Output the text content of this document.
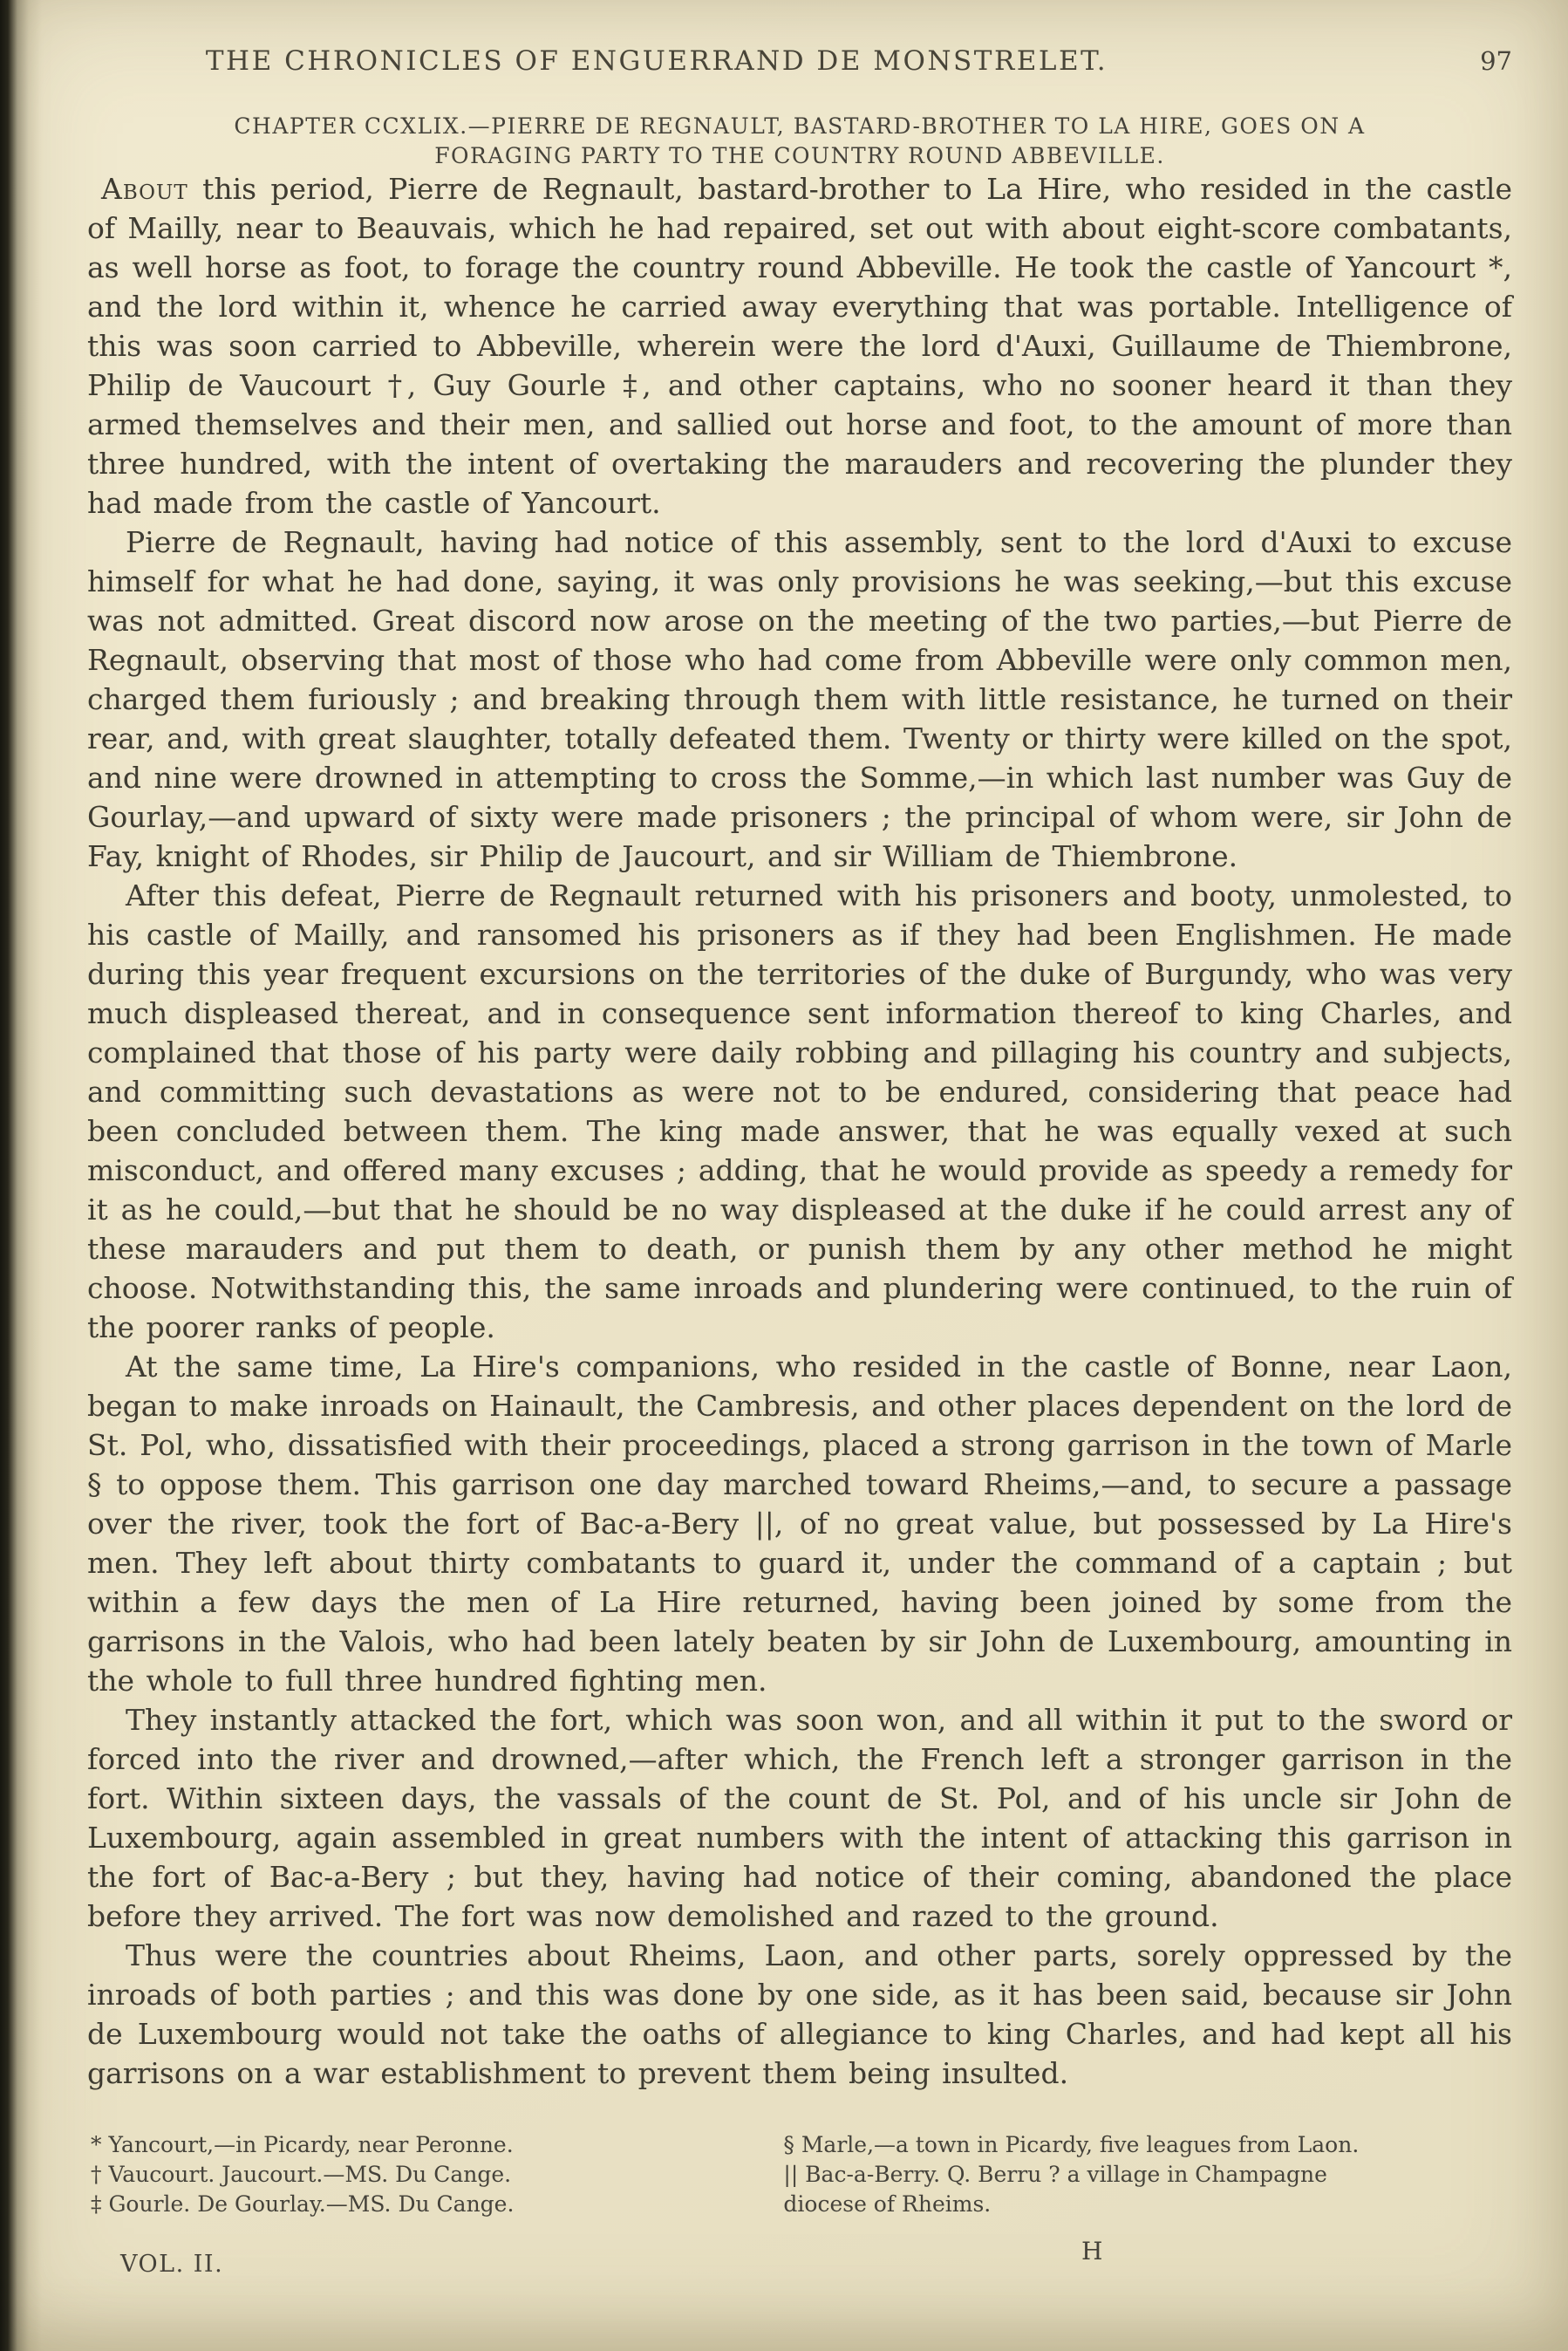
THE CHRONICLES OF ENGUERRAND DE MONSTRELET.	97
CHAPTER CCXLIX.—PIERRE DE REGNAULT, BASTARD-BROTHER TO LA HIRE, GOES ON A
FORAGING PARTY TO THE COUNTRY ROUND ABBEVILLE.

About this period, Pierre de Regnault, bastard-brother to La Hire, who resided in the castle of Mailly, near to Beauvais, which he had repaired, set out with about eight-score combatants, as well horse as foot, to forage the country round Abbeville. He took the castle of Yancourt *, and the lord within it, whence he carried away everything that was portable. Intelligence of this was soon carried to Abbeville, wherein were the lord d'Auxi, Guillaume de Thiembrone, Philip de Vaucourt †, Guy Gourle ‡, and other captains, who no sooner heard it than they armed themselves and their men, and sallied out horse and foot, to the amount of more than three hundred, with the intent of overtaking the marauders and recovering the plunder they had made from the castle of Yancourt.

Pierre de Regnault, having had notice of this assembly, sent to the lord d'Auxi to excuse himself for what he had done, saying, it was only provisions he was seeking,—but this excuse was not admitted. Great discord now arose on the meeting of the two parties,—but Pierre de Regnault, observing that most of those who had come from Abbeville were only common men, charged them furiously ; and breaking through them with little resistance, he turned on their rear, and, with great slaughter, totally defeated them. Twenty or thirty were killed on the spot, and nine were drowned in attempting to cross the Somme,—in which last number was Guy de Gourlay,—and upward of sixty were made prisoners ; the principal of whom were, sir John de Fay, knight of Rhodes, sir Philip de Jaucourt, and sir William de Thiembrone.

After this defeat, Pierre de Regnault returned with his prisoners and booty, unmolested, to his castle of Mailly, and ransomed his prisoners as if they had been Englishmen. He made during this year frequent excursions on the territories of the duke of Burgundy, who was very much displeased thereat, and in consequence sent information thereof to king Charles, and complained that those of his party were daily robbing and pillaging his country and subjects, and committing such devastations as were not to be endured, considering that peace had been concluded between them. The king made answer, that he was equally vexed at such misconduct, and offered many excuses ; adding, that he would provide as speedy a remedy for it as he could,—but that he should be no way displeased at the duke if he could arrest any of these marauders and put them to death, or punish them by any other method he might choose. Notwithstanding this, the same inroads and plundering were continued, to the ruin of the poorer ranks of people.

At the same time, La Hire's companions, who resided in the castle of Bonne, near Laon, began to make inroads on Hainault, the Cambresis, and other places dependent on the lord de St. Pol, who, dissatisfied with their proceedings, placed a strong garrison in the town of Marle § to oppose them. This garrison one day marched toward Rheims,—and, to secure a passage over the river, took the fort of Bac-a-Bery ||, of no great value, but possessed by La Hire's men. They left about thirty combatants to guard it, under the command of a captain ; but within a few days the men of La Hire returned, having been joined by some from the garrisons in the Valois, who had been lately beaten by sir John de Luxembourg, amounting in the whole to full three hundred fighting men.

They instantly attacked the fort, which was soon won, and all within it put to the sword or forced into the river and drowned,—after which, the French left a stronger garrison in the fort. Within sixteen days, the vassals of the count de St. Pol, and of his uncle sir John de Luxembourg, again assembled in great numbers with the intent of attacking this garrison in the fort of Bac-a-Bery ; but they, having had notice of their coming, abandoned the place before they arrived. The fort was now demolished and razed to the ground.

Thus were the countries about Rheims, Laon, and other parts, sorely oppressed by the inroads of both parties ; and this was done by one side, as it has been said, because sir John de Luxembourg would not take the oaths of allegiance to king Charles, and had kept all his garrisons on a war establishment to prevent them being insulted.

* Yancourt,—in Picardy, near Peronne.
† Vaucourt. Jaucourt.—MS. Du Cange.
‡ Gourle. De Gourlay.—MS. Du Cange.
§ Marle,—a town in Picardy, five leagues from Laon.
|| Bac-a-Berry. Q. Berru ? a village in Champagne
diocese of Rheims.
VOL. II.	H
